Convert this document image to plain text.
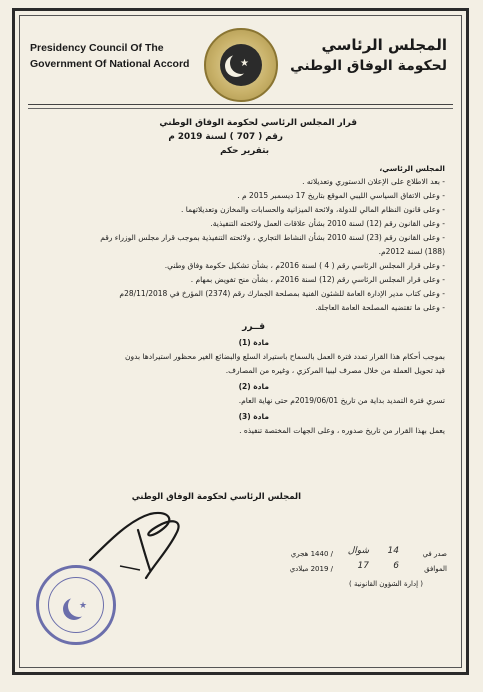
Presidency Council Of The
Government Of National Accord
المجلس الرئاسي
لحكومة الوفاق الوطني
★
قرار المجلس الرئاسي لحكومة الوفاق الوطني
رقم ( 707 ) لسنة 2019 م
بتقرير حكم
المجلس الرئاسي،
- بعد الاطلاع على الإعلان الدستوري وتعديلاته .
- وعلى الاتفاق السياسي الليبي الموقع بتاريخ 17 ديسمبر 2015 م .
- وعلى قانون النظام المالي للدولة، ولائحة الميزانية والحسابات والمخازن وتعديلاتهما .
- وعلى القانون رقم (12) لسنة 2010 بشأن علاقات العمل ولائحته التنفيذية.
- وعلى القانون رقم (23) لسنة 2010 بشأن النشاط التجاري ، ولائحته التنفيذية بموجب قرار مجلس الوزراء رقم
(188) لسنة 2012م.
- وعلى قرار المجلس الرئاسي رقم ( 4 ) لسنة 2016م ، بشأن تشكيل حكومة وفاق وطني.
- وعلى قرار المجلس الرئاسي رقم (12) لسنة 2016م ، بشأن منح تفويض بمهام .
- وعلى كتاب مدير الإدارة العامة للشئون الفنية بمصلحة الجمارك رقم (2374) المؤرخ في 28/11/2018م
- وعلى ما تقتضيه المصلحة العامة العاجلة.
قــرر
مادة (1)
بموجب أحكام هذا القرار تمدد فترة العمل بالسماح باستيراد السلع والبضائع الغير محظور استيرادها بدون
قيد تحويل العملة من خلال مصرف ليبيا المركزي ، وغيره من المصارف.
مادة (2)
تسري فترة التمديد بداية من تاريخ 2019/06/01م حتى نهاية العام.
مادة (3)
يعمل بهذا القرار من تاريخ صدوره ، وعلى الجهات المختصة تنفيذه .
المجلس الرئاسي لحكومة الوفاق الوطني
★
صدر في
14
شوال
/ 1440 هجري
الموافق
6
17
/ 2019 ميلادي
( إدارة الشؤون القانونية )
